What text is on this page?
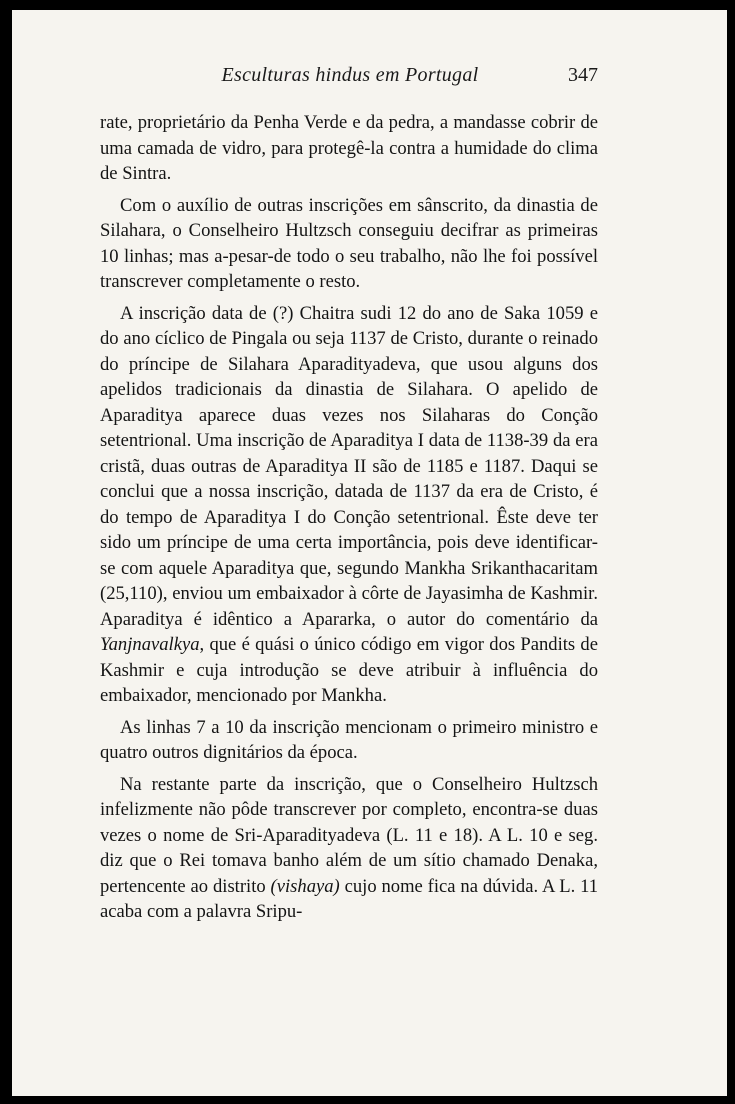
Esculturas hindus em Portugal	347

rate, proprietário da Penha Verde e da pedra, a mandasse cobrir de uma camada de vidro, para protegê-la contra a humidade do clima de Sintra.

Com o auxílio de outras inscrições em sânscrito, da dinastia de Silahara, o Conselheiro Hultzsch conseguiu decifrar as primeiras 10 linhas; mas a-pesar-de todo o seu trabalho, não lhe foi possível transcrever completamente o resto.

A inscrição data de (?) Chaitra sudi 12 do ano de Saka 1059 e do ano cíclico de Pingala ou seja 1137 de Cristo, durante o reinado do príncipe de Silahara Aparadityadeva, que usou alguns dos apelidos tradicionais da dinastia de Silahara. O apelido de Aparaditya aparece duas vezes nos Silaharas do Conção setentrional. Uma inscrição de Aparaditya I data de 1138-39 da era cristã, duas outras de Aparaditya II são de 1185 e 1187. Daqui se conclui que a nossa inscrição, datada de 1137 da era de Cristo, é do tempo de Aparaditya I do Conção setentrional. Êste deve ter sido um príncipe de uma certa importância, pois deve identificar-se com aquele Aparaditya que, segundo Mankha Srikanthacaritam (25,110), enviou um embaixador à côrte de Jayasimha de Kashmir. Aparaditya é idêntico a Apararka, o autor do comentário da Yanjnavalkya, que é quási o único código em vigor dos Pandits de Kashmir e cuja introdução se deve atribuir à influência do embaixador, mencionado por Mankha.

As linhas 7 a 10 da inscrição mencionam o primeiro ministro e quatro outros dignitários da época.

Na restante parte da inscrição, que o Conselheiro Hultzsch infelizmente não pôde transcrever por completo, encontra-se duas vezes o nome de Sri-Aparadityadeva (L. 11 e 18). A L. 10 e seg. diz que o Rei tomava banho além de um sítio chamado Denaka, pertencente ao distrito (vishaya) cujo nome fica na dúvida. A L. 11 acaba com a palavra Sripu-
